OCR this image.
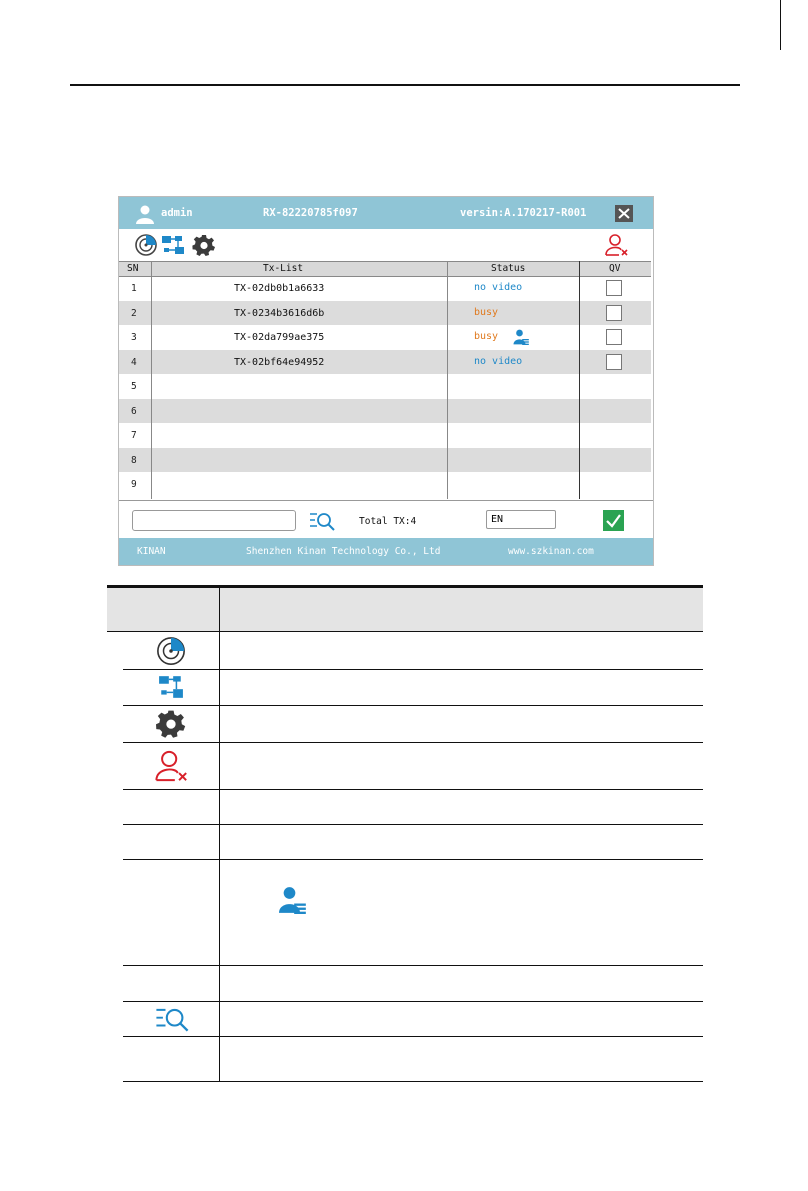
admin	RX-82220785f097	versin:A.170217-R001
SN	Tx-List	Status	QV
1	TX-02db0b1a6633	no video
2	TX-0234b3616d6b	busy
3	TX-02da799ae375	busy
4	TX-02bf64e94952	no video
5
6
7
8
9
Total TX:4	EN
KINAN	Shenzhen Kinan Technology Co., Ltd	www.szkinan.com
